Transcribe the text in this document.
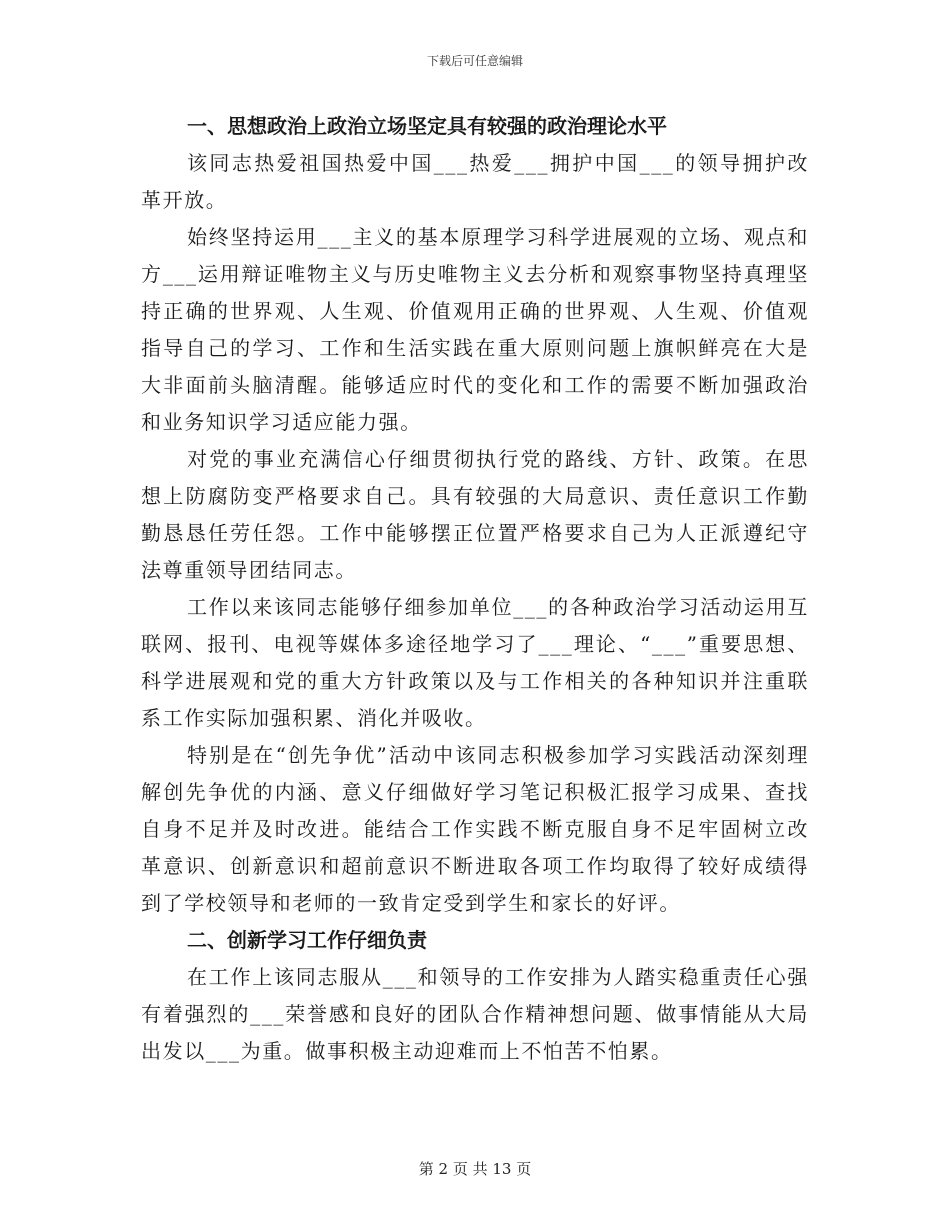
下载后可任意编辑

一、思想政治上政治立场坚定具有较强的政治理论水平

该同志热爱祖国热爱中国___热爱___拥护中国___的领导拥护改革开放。

始终坚持运用___主义的基本原理学习科学进展观的立场、观点和方___运用辩证唯物主义与历史唯物主义去分析和观察事物坚持真理坚持正确的世界观、人生观、价值观用正确的世界观、人生观、价值观指导自己的学习、工作和生活实践在重大原则问题上旗帜鲜亮在大是大非面前头脑清醒。能够适应时代的变化和工作的需要不断加强政治和业务知识学习适应能力强。

对党的事业充满信心仔细贯彻执行党的路线、方针、政策。在思想上防腐防变严格要求自己。具有较强的大局意识、责任意识工作勤勤恳恳任劳任怨。工作中能够摆正位置严格要求自己为人正派遵纪守法尊重领导团结同志。

工作以来该同志能够仔细参加单位___的各种政治学习活动运用互联网、报刊、电视等媒体多途径地学习了___理论、“___”重要思想、科学进展观和党的重大方针政策以及与工作相关的各种知识并注重联系工作实际加强积累、消化并吸收。

特别是在“创先争优”活动中该同志积极参加学习实践活动深刻理解创先争优的内涵、意义仔细做好学习笔记积极汇报学习成果、查找自身不足并及时改进。能结合工作实践不断克服自身不足牢固树立改革意识、创新意识和超前意识不断进取各项工作均取得了较好成绩得到了学校领导和老师的一致肯定受到学生和家长的好评。

二、创新学习工作仔细负责

在工作上该同志服从___和领导的工作安排为人踏实稳重责任心强有着强烈的___荣誉感和良好的团队合作精神想问题、做事情能从大局出发以___为重。做事积极主动迎难而上不怕苦不怕累。

第 2 页 共 13 页
